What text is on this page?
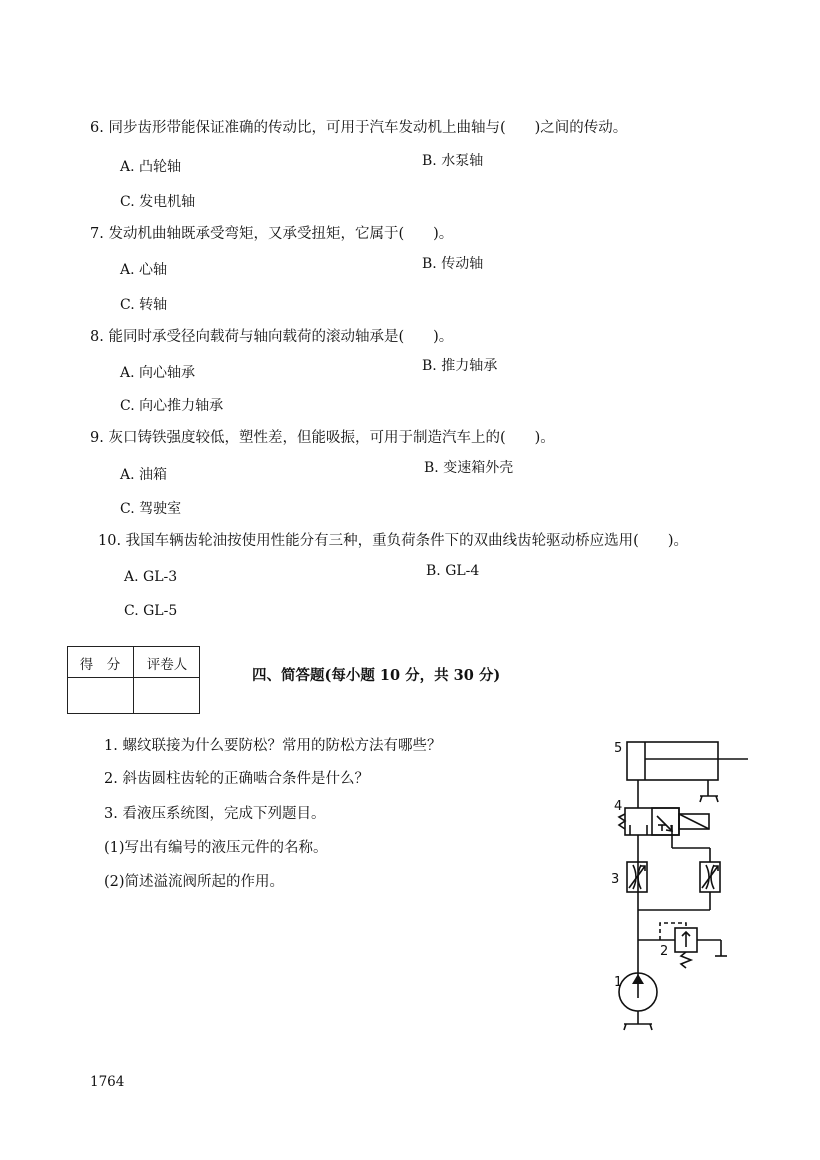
6. 同步齿形带能保证准确的传动比，可用于汽车发动机上曲轴与(　　)之间的传动。
A. 凸轮轴	B. 水泵轴
C. 发电机轴
7. 发动机曲轴既承受弯矩，又承受扭矩，它属于(　　)。
A. 心轴	B. 传动轴
C. 转轴
8. 能同时承受径向载荷与轴向载荷的滚动轴承是(　　)。
A. 向心轴承	B. 推力轴承
C. 向心推力轴承
9. 灰口铸铁强度较低，塑性差，但能吸振，可用于制造汽车上的(　　)。
A. 油箱	B. 变速箱外壳
C. 驾驶室
10. 我国车辆齿轮油按使用性能分有三种，重负荷条件下的双曲线齿轮驱动桥应选用(　　)。
A. GL-3	B. GL-4
C. GL-5
得　分	评卷人
四、简答题(每小题 10 分，共 30 分)
1. 螺纹联接为什么要防松？常用的防松方法有哪些？
2. 斜齿圆柱齿轮的正确啮合条件是什么？
3. 看液压系统图，完成下列题目。
(1)写出有编号的液压元件的名称。
(2)简述溢流阀所起的作用。
5
4
3
2
1
1764
